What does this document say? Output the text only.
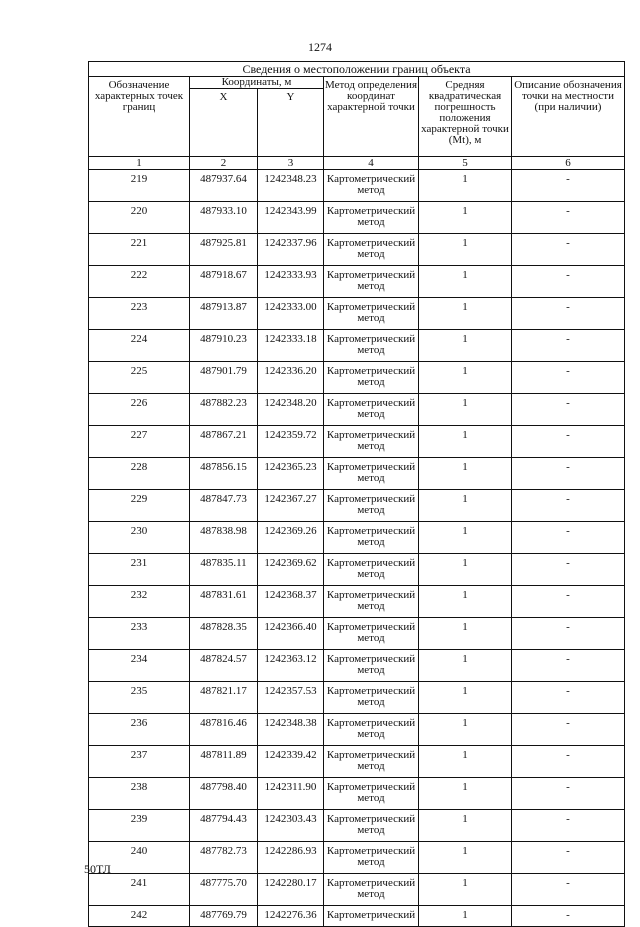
1274
Сведения о местоположении границ объекта					
Обозначение характерных точек границ	Координаты, м		Метод определения координат характерной точки	Средняя квадратическая погрешность положения характерной точки (Mt), м	Описание обозначения точки на местности (при наличии)
	X	Y			
1	2	3	4	5	6
219	487937.64	1242348.23	Картометрический метод	1	-
220	487933.10	1242343.99	Картометрический метод	1	-
221	487925.81	1242337.96	Картометрический метод	1	-
222	487918.67	1242333.93	Картометрический метод	1	-
223	487913.87	1242333.00	Картометрический метод	1	-
224	487910.23	1242333.18	Картометрический метод	1	-
225	487901.79	1242336.20	Картометрический метод	1	-
226	487882.23	1242348.20	Картометрический метод	1	-
227	487867.21	1242359.72	Картометрический метод	1	-
228	487856.15	1242365.23	Картометрический метод	1	-
229	487847.73	1242367.27	Картометрический метод	1	-
230	487838.98	1242369.26	Картометрический метод	1	-
231	487835.11	1242369.62	Картометрический метод	1	-
232	487831.61	1242368.37	Картометрический метод	1	-
233	487828.35	1242366.40	Картометрический метод	1	-
234	487824.57	1242363.12	Картометрический метод	1	-
235	487821.17	1242357.53	Картометрический метод	1	-
236	487816.46	1242348.38	Картометрический метод	1	-
237	487811.89	1242339.42	Картометрический метод	1	-
238	487798.40	1242311.90	Картометрический метод	1	-
239	487794.43	1242303.43	Картометрический метод	1	-
240	487782.73	1242286.93	Картометрический метод	1	-
241	487775.70	1242280.17	Картометрический метод	1	-
242	487769.79	1242276.36	Картометрический	1	-
50ТЛ
